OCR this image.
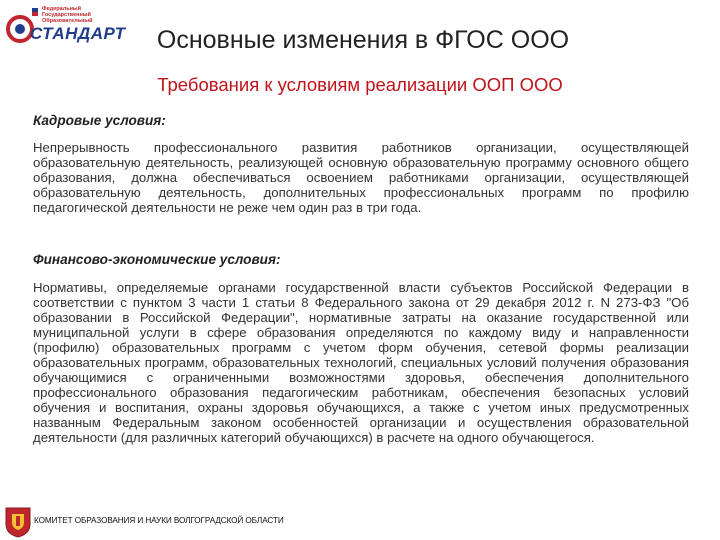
Федеральный
Государственный
Образовательный
СТАНДАРТ	Основные изменения в ФГОС ООО
Требования к условиям реализации ООП ООО
Кадровые условия:
Непрерывность профессионального развития работников организации, осуществляющей образовательную деятельность, реализующей основную образовательную программу основного общего образования, должна обеспечиваться освоением работниками организации, осуществляющей образовательную деятельность, дополнительных профессиональных программ по профилю педагогической деятельности не реже чем один раз в три года.
Финансово-экономические условия:
Нормативы, определяемые органами государственной власти субъектов Российской Федерации в соответствии с пунктом 3 части 1 статьи 8 Федерального закона от 29 декабря 2012 г. N 273-ФЗ "Об образовании в Российской Федерации", нормативные затраты на оказание государственной или муниципальной услуги в сфере образования определяются по каждому виду и направленности (профилю) образовательных программ с учетом форм обучения, сетевой формы реализации образовательных программ, образовательных технологий, специальных условий получения образования обучающимися с ограниченными возможностями здоровья, обеспечения дополнительного профессионального образования педагогическим работникам, обеспечения безопасных условий обучения и воспитания, охраны здоровья обучающихся, а также с учетом иных предусмотренных названным Федеральным законом особенностей организации и осуществления образовательной деятельности (для различных категорий обучающихся) в расчете на одного обучающегося.
КОМИТЕТ ОБРАЗОВАНИЯ И НАУКИ ВОЛГОГРАДСКОЙ ОБЛАСТИ
